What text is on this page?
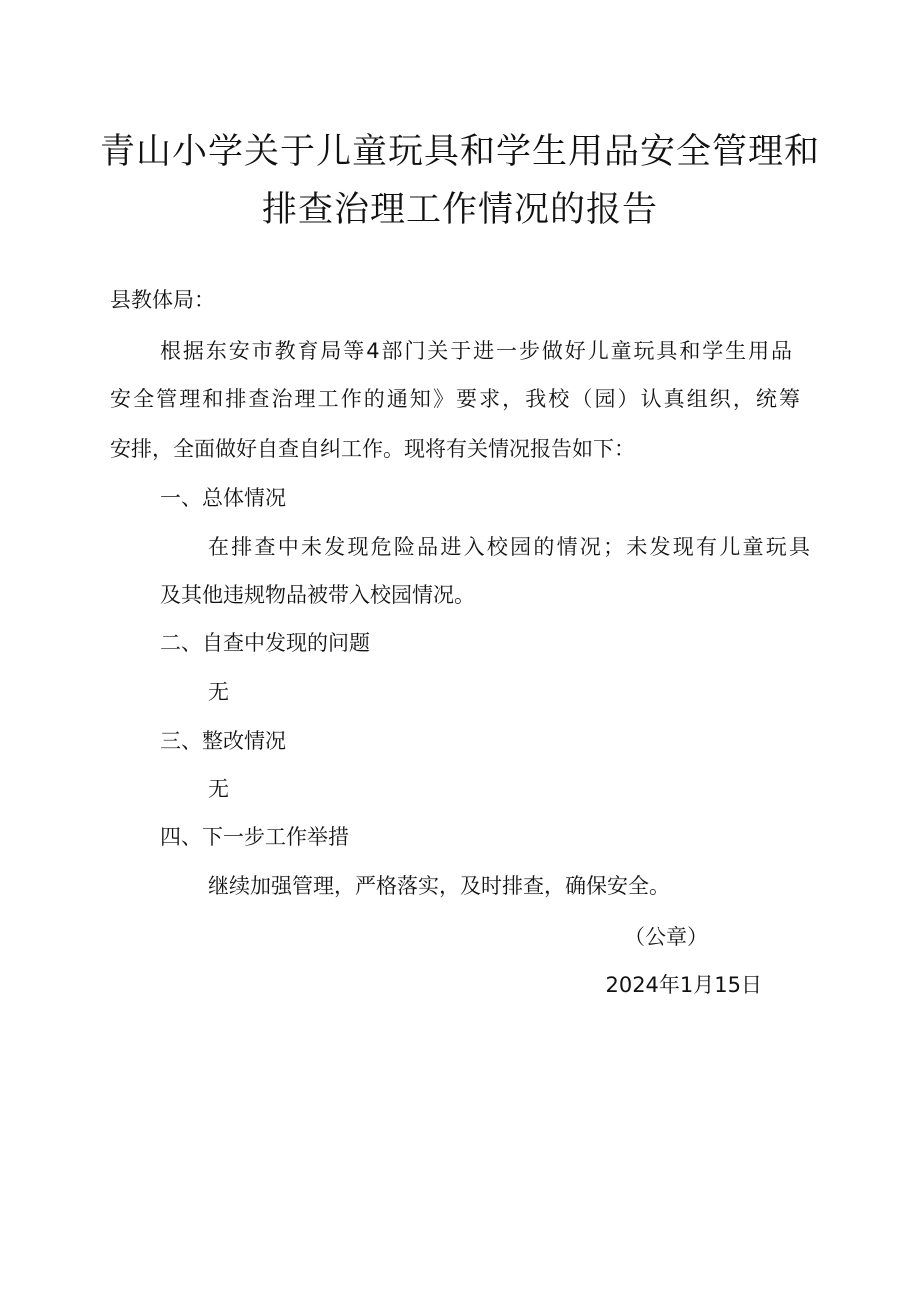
青山小学关于儿童玩具和学生用品安全管理和
排查治理工作情况的报告
县教体局：
根据东安市教育局等4部门关于进一步做好儿童玩具和学生用品
安全管理和排查治理工作的通知》要求，我校（园）认真组织，统筹
安排，全面做好自查自纠工作。现将有关情况报告如下：
一、总体情况
在排查中未发现危险品进入校园的情况；未发现有儿童玩具
及其他违规物品被带入校园情况。
二、自查中发现的问题
无
三、整改情况
无
四、下一步工作举措
继续加强管理，严格落实，及时排查，确保安全。
（公章）
2024年1月15日
